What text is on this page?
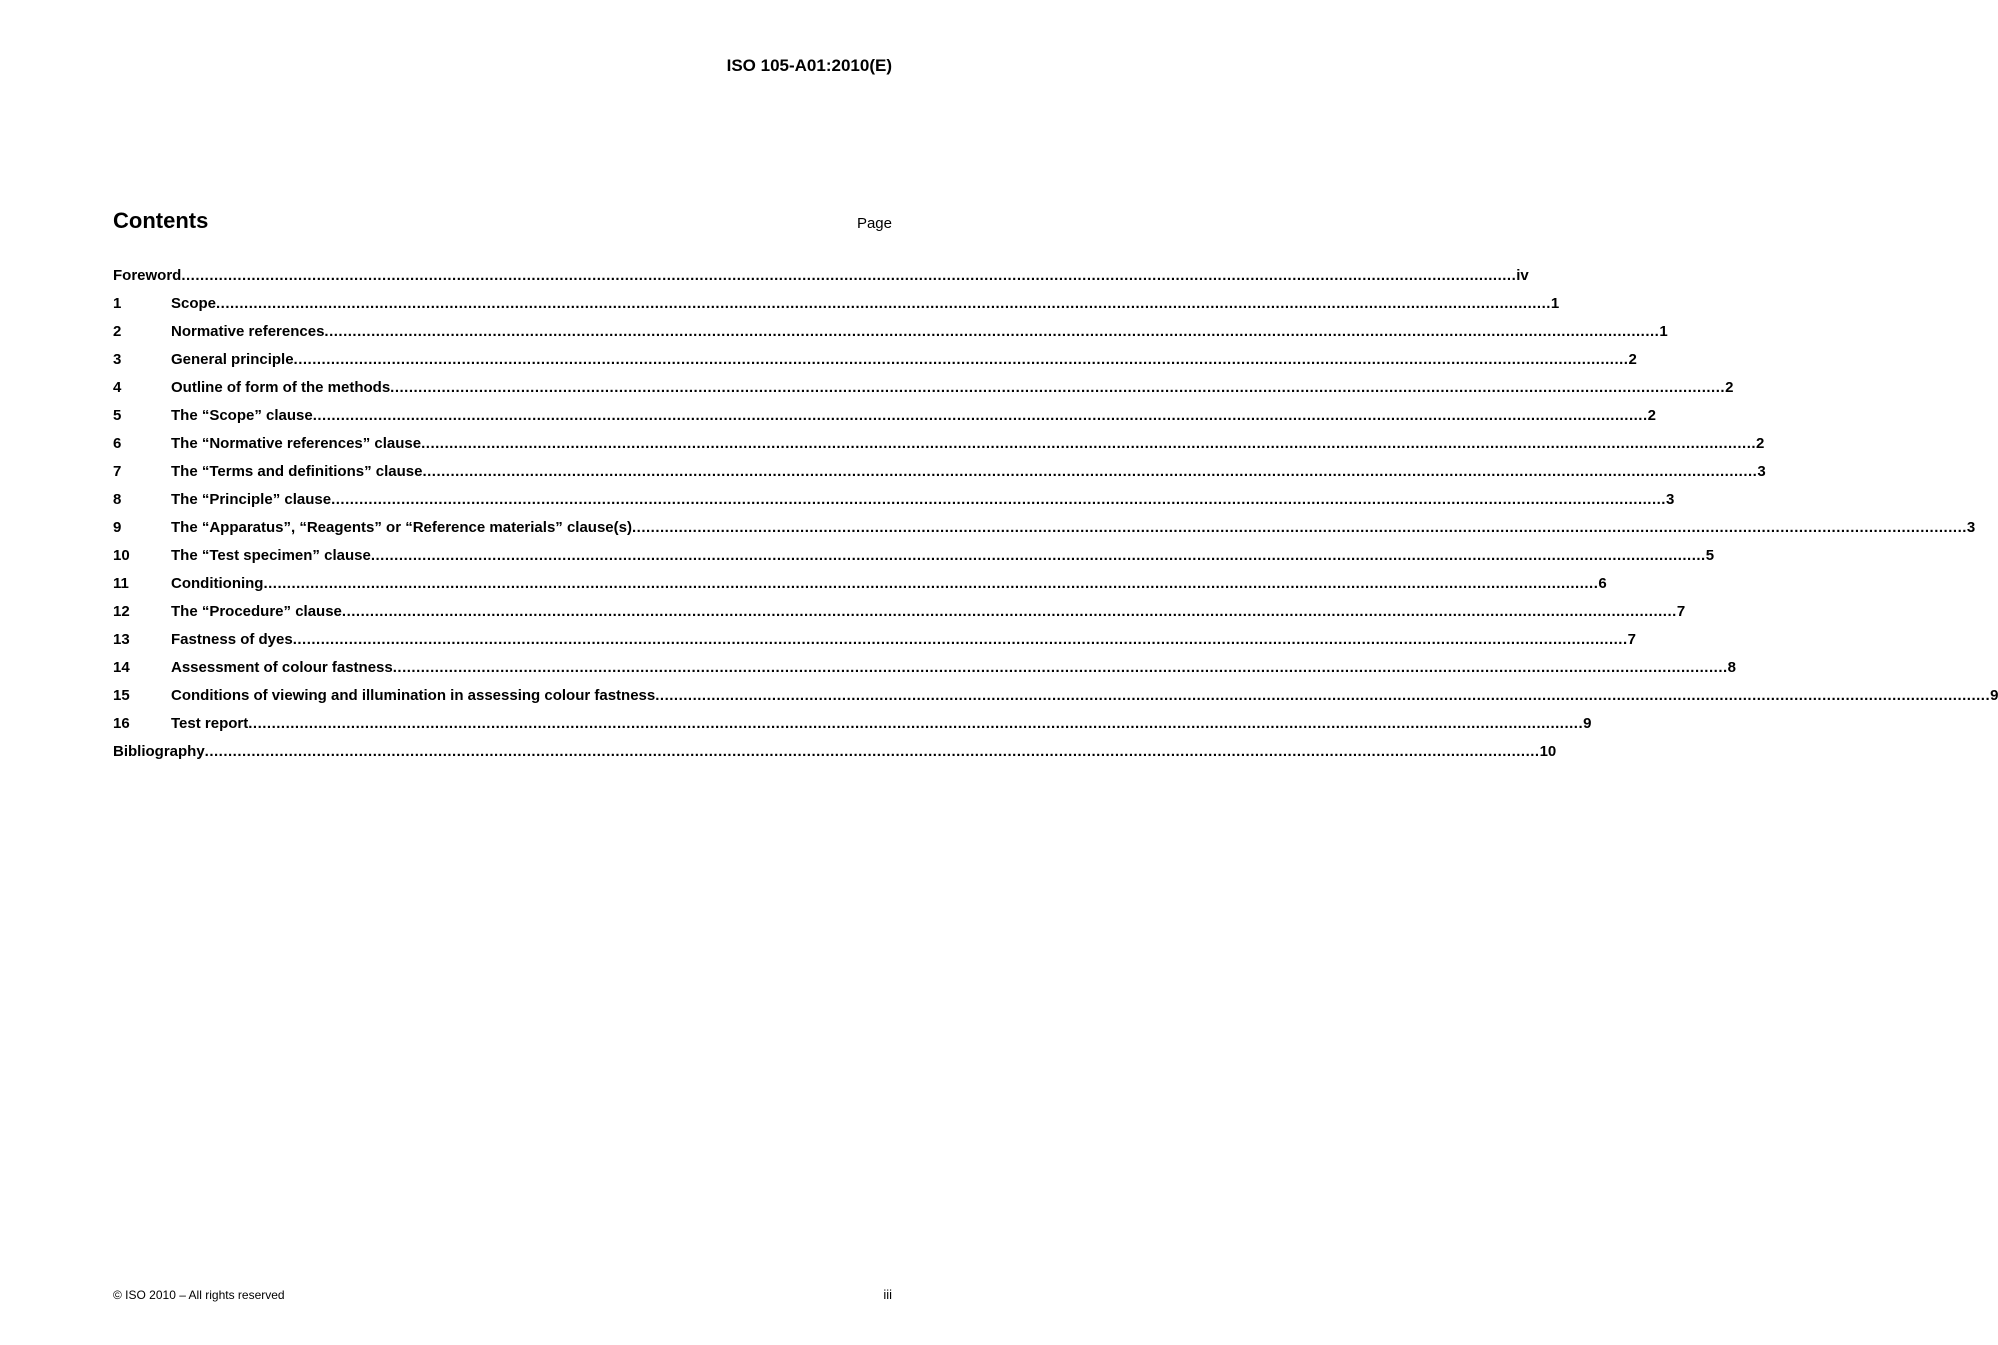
ISO 105-A01:2010(E)
Contents	Page
Foreword .....	iv
1	Scope .....	1
2	Normative references .....	1
3	General principle .....	2
4	Outline of form of the methods .....	2
5	The “Scope” clause .....	2
6	The “Normative references” clause .....	2
7	The “Terms and definitions” clause .....	3
8	The “Principle” clause .....	3
9	The “Apparatus”, “Reagents” or “Reference materials” clause(s) .....	3
10	The “Test specimen” clause .....	5
11	Conditioning .....	6
12	The “Procedure” clause .....	7
13	Fastness of dyes .....	7
14	Assessment of colour fastness .....	8
15	Conditions of viewing and illumination in assessing colour fastness .....	9
16	Test report .....	9
Bibliography .....	10
© ISO 2010 – All rights reserved	iii
